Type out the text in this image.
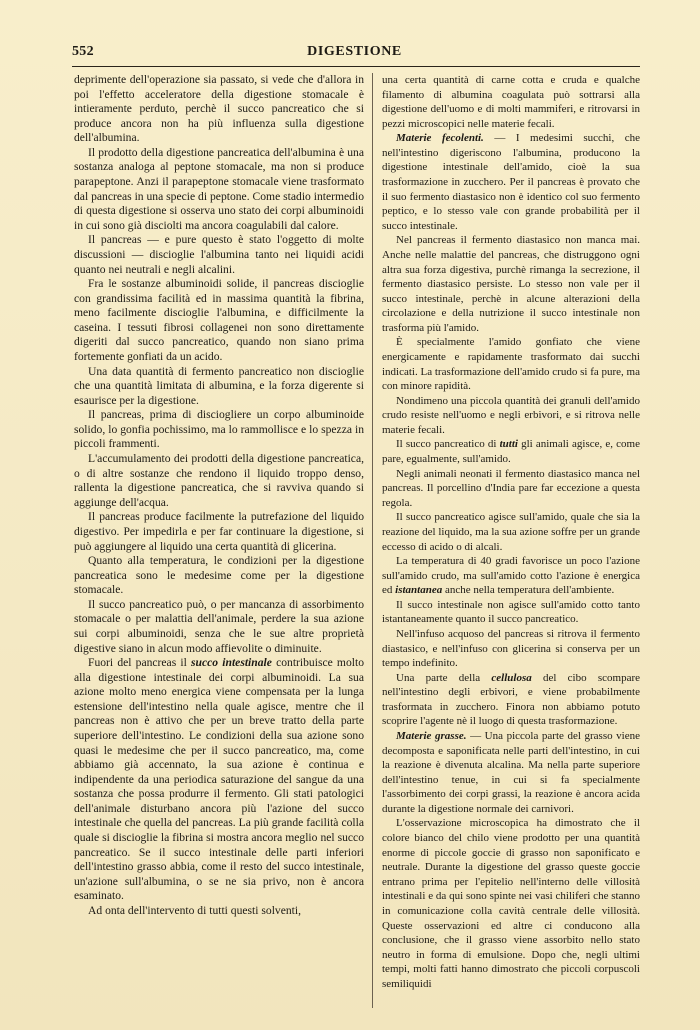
552	DIGESTIONE

deprimente dell'operazione sia passato, si vede che d'allora in poi l'effetto acceleratore della digestione stomacale è intieramente perduto, perchè il succo pancreatico che si produce ancora non ha più influenza sulla digestione dell'albumina.

Il prodotto della digestione pancreatica dell'albumina è una sostanza analoga al peptone stomacale, ma non si produce parapeptone. Anzi il parapeptone stomacale viene trasformato dal pancreas in una specie di peptone. Come stadio intermedio di questa digestione si osserva uno stato dei corpi albuminoidi in cui sono già disciolti ma ancora coagulabili dal calore.

Il pancreas — e pure questo è stato l'oggetto di molte discussioni — discioglie l'albumina tanto nei liquidi acidi quanto nei neutrali e negli alcalini.

Fra le sostanze albuminoidi solide, il pancreas discioglie con grandissima facilità ed in massima quantità la fibrina, meno facilmente discioglie l'albumina, e difficilmente la caseina. I tessuti fibrosi collagenei non sono direttamente digeriti dal succo pancreatico, quando non siano prima fortemente gonfiati da un acido.

Una data quantità di fermento pancreatico non discioglie che una quantità limitata di albumina, e la forza digerente si esaurisce per la digestione.

Il pancreas, prima di disciogliere un corpo albuminoide solido, lo gonfia pochissimo, ma lo rammollisce e lo spezza in piccoli frammenti.

L'accumulamento dei prodotti della digestione pancreatica, o di altre sostanze che rendono il liquido troppo denso, rallenta la digestione pancreatica, che si ravviva quando si aggiunge dell'acqua.

Il pancreas produce facilmente la putrefazione del liquido digestivo. Per impedirla e per far continuare la digestione, si può aggiungere al liquido una certa quantità di glicerina.

Quanto alla temperatura, le condizioni per la digestione pancreatica sono le medesime come per la digestione stomacale.

Il succo pancreatico può, o per mancanza di assorbimento stomacale o per malattia dell'animale, perdere la sua azione sui corpi albuminoidi, senza che le sue altre proprietà digestive siano in alcun modo affievolite o diminuite.

Fuori del pancreas il succo intestinale contribuisce molto alla digestione intestinale dei corpi albuminoidi. La sua azione molto meno energica viene compensata per la lunga estensione dell'intestino nella quale agisce, mentre che il pancreas non è attivo che per un breve tratto della parte superiore dell'intestino. Le condizioni della sua azione sono quasi le medesime che per il succo pancreatico, ma, come abbiamo già accennato, la sua azione è continua e indipendente da una periodica saturazione del sangue da una sostanza che possa produrre il fermento. Gli stati patologici dell'animale disturbano ancora più l'azione del succo intestinale che quella del pancreas. La più grande facilità colla quale si discioglie la fibrina si mostra ancora meglio nel succo pancreatico. Se il succo intestinale delle parti inferiori dell'intestino grasso abbia, come il resto del succo intestinale, un'azione sull'albumina, o se ne sia privo, non è ancora esaminato.

Ad onta dell'intervento di tutti questi solventi,

una certa quantità di carne cotta e cruda e qualche filamento di albumina coagulata può sottrarsi alla digestione dell'uomo e di molti mammiferi, e ritrovarsi in pezzi microscopici nelle materie fecali.

Materie fecolenti. — I medesimi succhi, che nell'intestino digeriscono l'albumina, producono la digestione intestinale dell'amido, cioè la sua trasformazione in zucchero. Per il pancreas è provato che il suo fermento diastasico non è identico col suo fermento peptico, e lo stesso vale con grande probabilità per il succo intestinale.

Nel pancreas il fermento diastasico non manca mai. Anche nelle malattie del pancreas, che distruggono ogni altra sua forza digestiva, purchè rimanga la secrezione, il fermento diastasico persiste. Lo stesso non vale per il succo intestinale, perchè in alcune alterazioni della circolazione e della nutrizione il succo intestinale non trasforma più l'amido.

È specialmente l'amido gonfiato che viene energicamente e rapidamente trasformato dai succhi indicati. La trasformazione dell'amido crudo si fa pure, ma con minore rapidità.

Nondimeno una piccola quantità dei granuli dell'amido crudo resiste nell'uomo e negli erbivori, e si ritrova nelle materie fecali.

Il succo pancreatico di tutti gli animali agisce, e, come pare, egualmente, sull'amido.

Negli animali neonati il fermento diastasico manca nel pancreas. Il porcellino d'India pare far eccezione a questa regola.

Il succo pancreatico agisce sull'amido, quale che sia la reazione del liquido, ma la sua azione soffre per un grande eccesso di acido o di alcali.

La temperatura di 40 gradi favorisce un poco l'azione sull'amido crudo, ma sull'amido cotto l'azione è energica ed istantanea anche nella temperatura dell'ambiente.

Il succo intestinale non agisce sull'amido cotto tanto istantaneamente quanto il succo pancreatico.

Nell'infuso acquoso del pancreas si ritrova il fermento diastasico, e nell'infuso con glicerina si conserva per un tempo indefinito.

Una parte della cellulosa del cibo scompare nell'intestino degli erbivori, e viene probabilmente trasformata in zucchero. Finora non abbiamo potuto scoprire l'agente nè il luogo di questa trasformazione.

Materie grasse. — Una piccola parte del grasso viene decomposta e saponificata nelle parti dell'intestino, in cui la reazione è divenuta alcalina. Ma nella parte superiore dell'intestino tenue, in cui si fa specialmente l'assorbimento dei corpi grassi, la reazione è ancora acida durante la digestione normale dei carnivori.

L'osservazione microscopica ha dimostrato che il colore bianco del chilo viene prodotto per una quantità enorme di piccole goccie di grasso non saponificato e neutrale. Durante la digestione del grasso queste goccie entrano prima per l'epitelio nell'interno delle villosità intestinali e da qui sono spinte nei vasi chiliferi che stanno in comunicazione colla cavità centrale delle villosità. Queste osservazioni ed altre ci conducono alla conclusione, che il grasso viene assorbito nello stato neutro in forma di emulsione. Dopo che, negli ultimi tempi, molti fatti hanno dimostrato che piccoli corpuscoli semiliquidi
